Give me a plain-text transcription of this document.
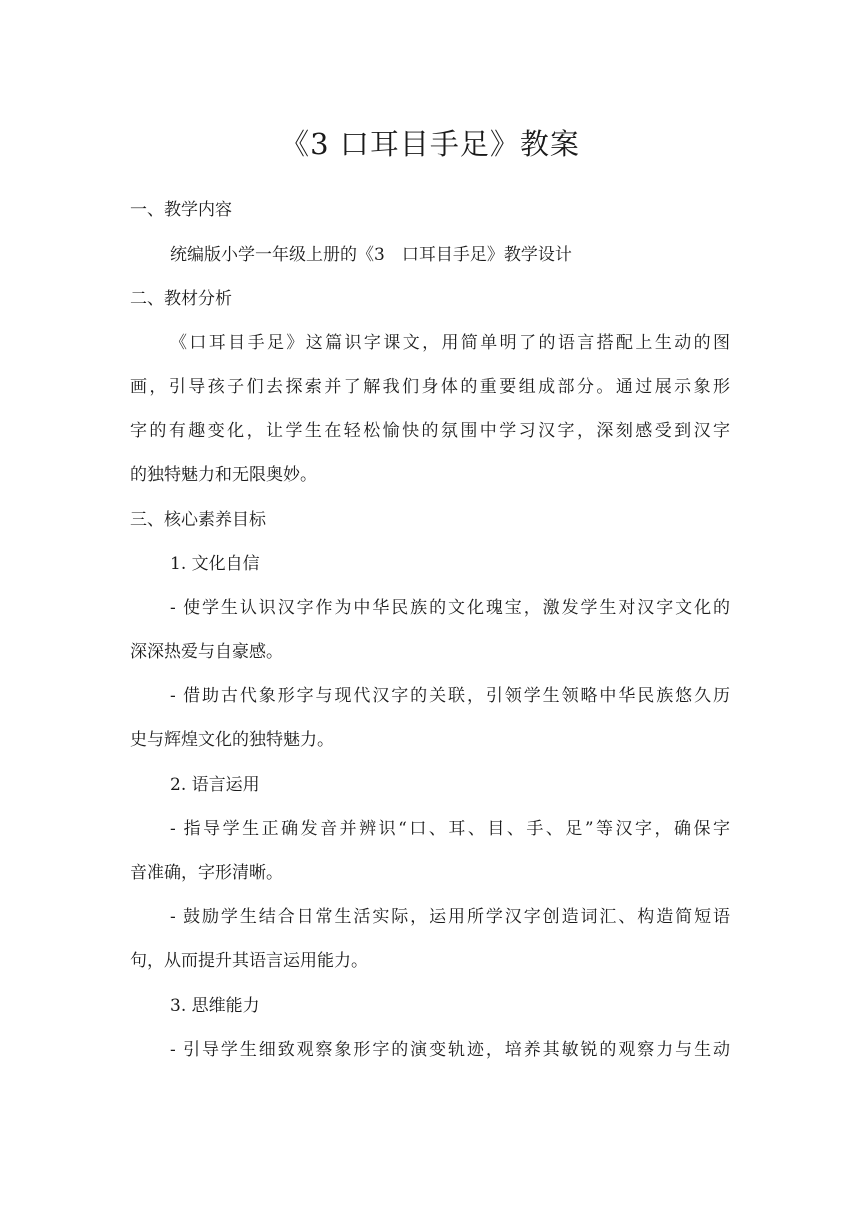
《3 口耳目手足》教案
一、教学内容
统编版小学一年级上册的《3　口耳目手足》教学设计
二、教材分析
《口耳目手足》这篇识字课文，用简单明了的语言搭配上生动的图
画，引导孩子们去探索并了解我们身体的重要组成部分。通过展示象形
字的有趣变化，让学生在轻松愉快的氛围中学习汉字，深刻感受到汉字
的独特魅力和无限奥妙。
三、核心素养目标
1. 文化自信
- 使学生认识汉字作为中华民族的文化瑰宝，激发学生对汉字文化的
深深热爱与自豪感。
- 借助古代象形字与现代汉字的关联，引领学生领略中华民族悠久历
史与辉煌文化的独特魅力。
2. 语言运用
- 指导学生正确发音并辨识“口、耳、目、手、足”等汉字，确保字
音准确，字形清晰。
- 鼓励学生结合日常生活实际，运用所学汉字创造词汇、构造简短语
句，从而提升其语言运用能力。
3. 思维能力
- 引导学生细致观察象形字的演变轨迹，培养其敏锐的观察力与生动
